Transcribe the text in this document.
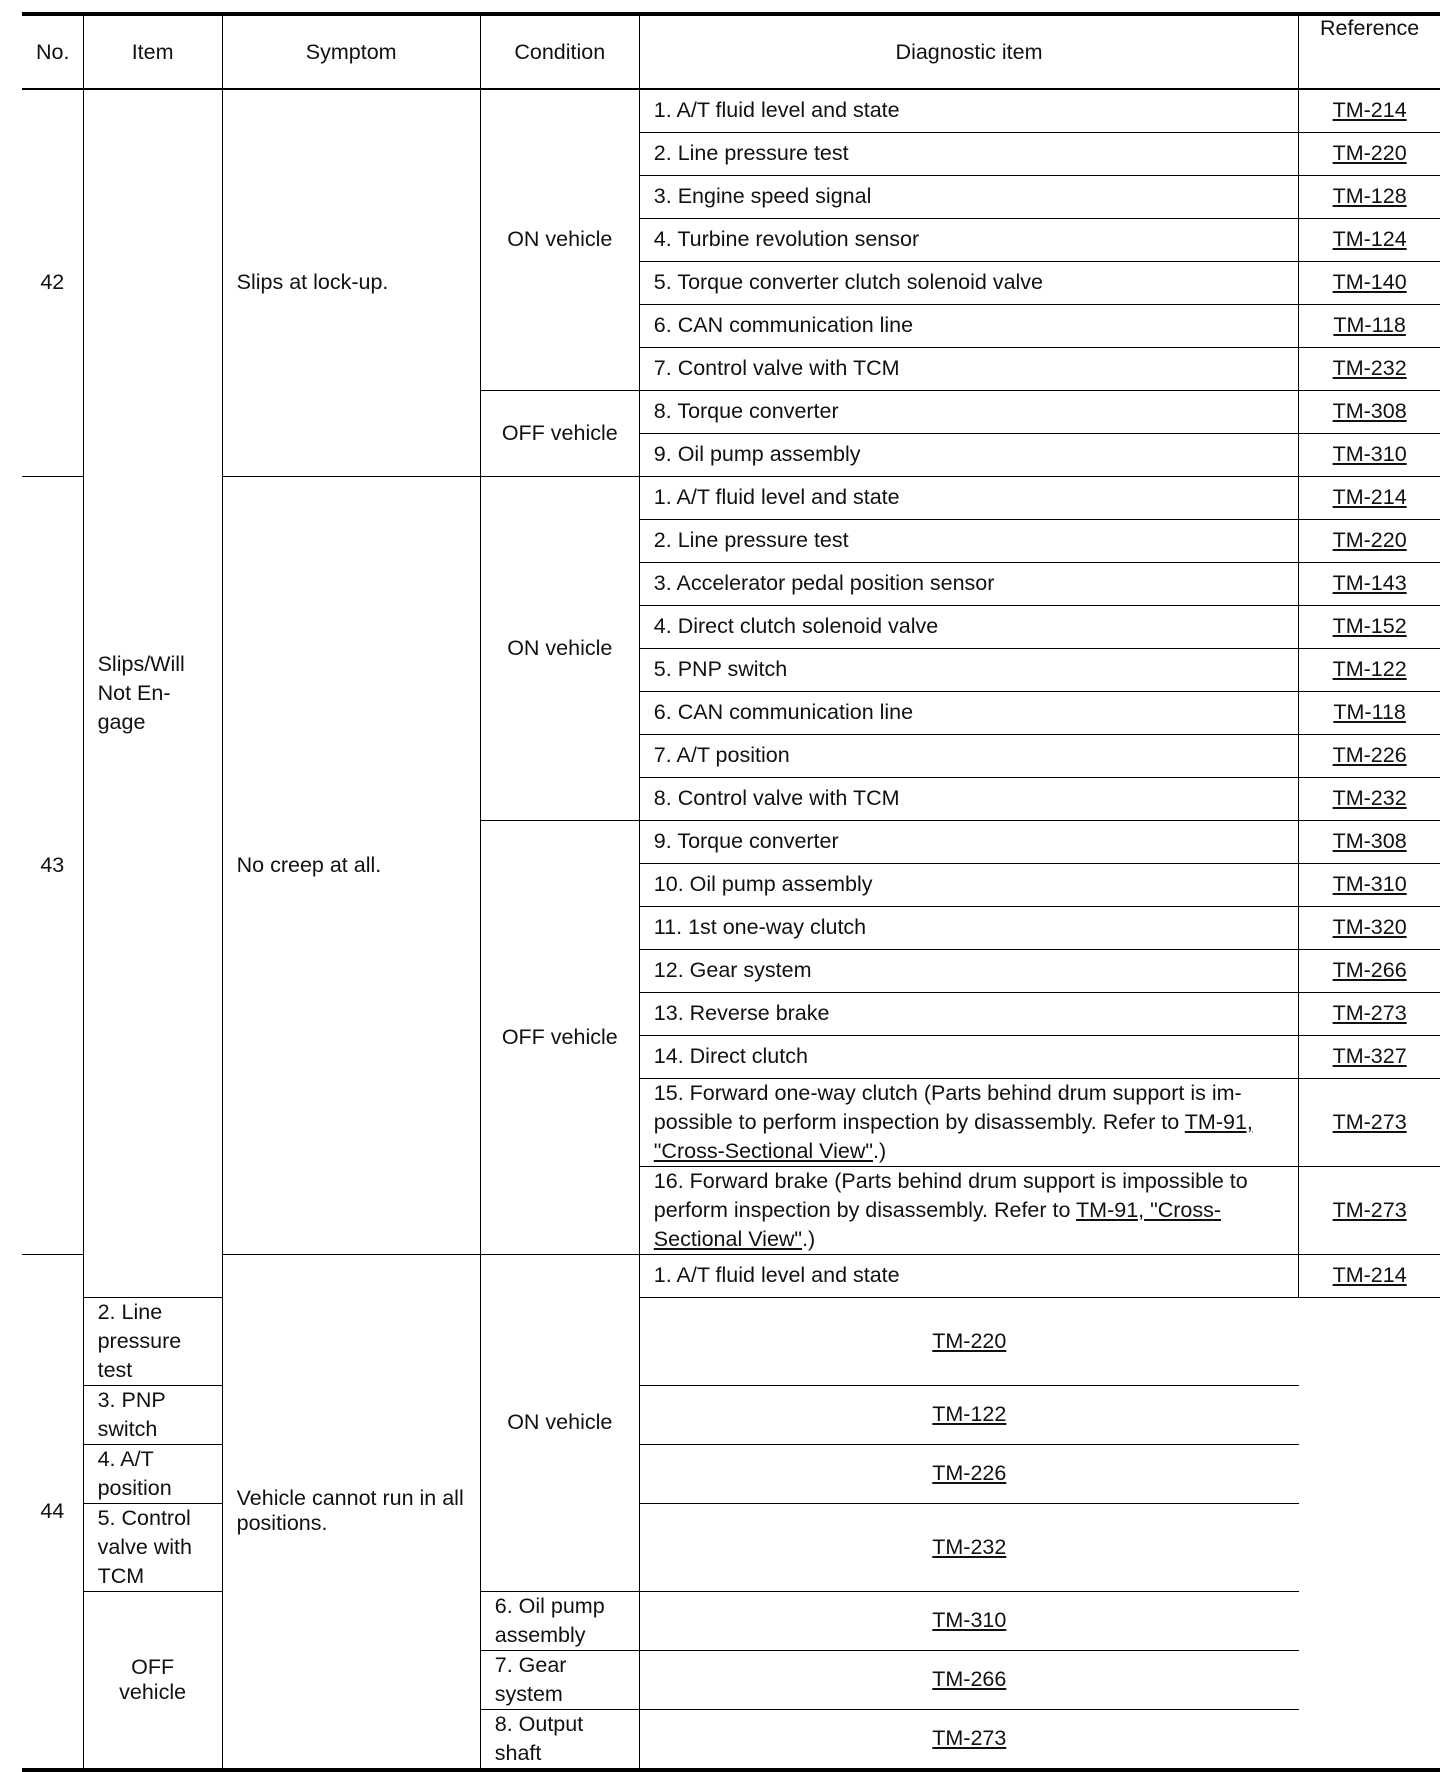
No.	Item	Symptom	Condition	Diagnostic item	Reference
42	Slips/Will Not En-gage	Slips at lock-up.	ON vehicle	1. A/T fluid level and state	TM-214
				2. Line pressure test	TM-220
				3. Engine speed signal	TM-128
				4. Turbine revolution sensor	TM-124
				5. Torque converter clutch solenoid valve	TM-140
				6. CAN communication line	TM-118
				7. Control valve with TCM	TM-232
			OFF vehicle	8. Torque converter	TM-308
				9. Oil pump assembly	TM-310
43		No creep at all.	ON vehicle	1. A/T fluid level and state	TM-214
				2. Line pressure test	TM-220
				3. Accelerator pedal position sensor	TM-143
				4. Direct clutch solenoid valve	TM-152
				5. PNP switch	TM-122
				6. CAN communication line	TM-118
				7. A/T position	TM-226
				8. Control valve with TCM	TM-232
			OFF vehicle	9. Torque converter	TM-308
				10. Oil pump assembly	TM-310
				11. 1st one-way clutch	TM-320
				12. Gear system	TM-266
				13. Reverse brake	TM-273
				14. Direct clutch	TM-327
				15. Forward one-way clutch (Parts behind drum support is im-possible to perform inspection by disassembly. Refer to TM-91, "Cross-Sectional View".)	TM-273
				16. Forward brake (Parts behind drum support is impossible to perform inspection by disassembly. Refer to TM-91, "Cross-Sectional View".)	TM-273
44		Vehicle cannot run in all positions.	ON vehicle	1. A/T fluid level and state	TM-214
	2. Line pressure test			TM-220	
	3. PNP switch			TM-122	
	4. A/T position			TM-226	
	5. Control valve with TCM			TM-232	
	OFF vehicle		6. Oil pump assembly	TM-310	
			7. Gear system	TM-266	
			8. Output shaft	TM-273	
